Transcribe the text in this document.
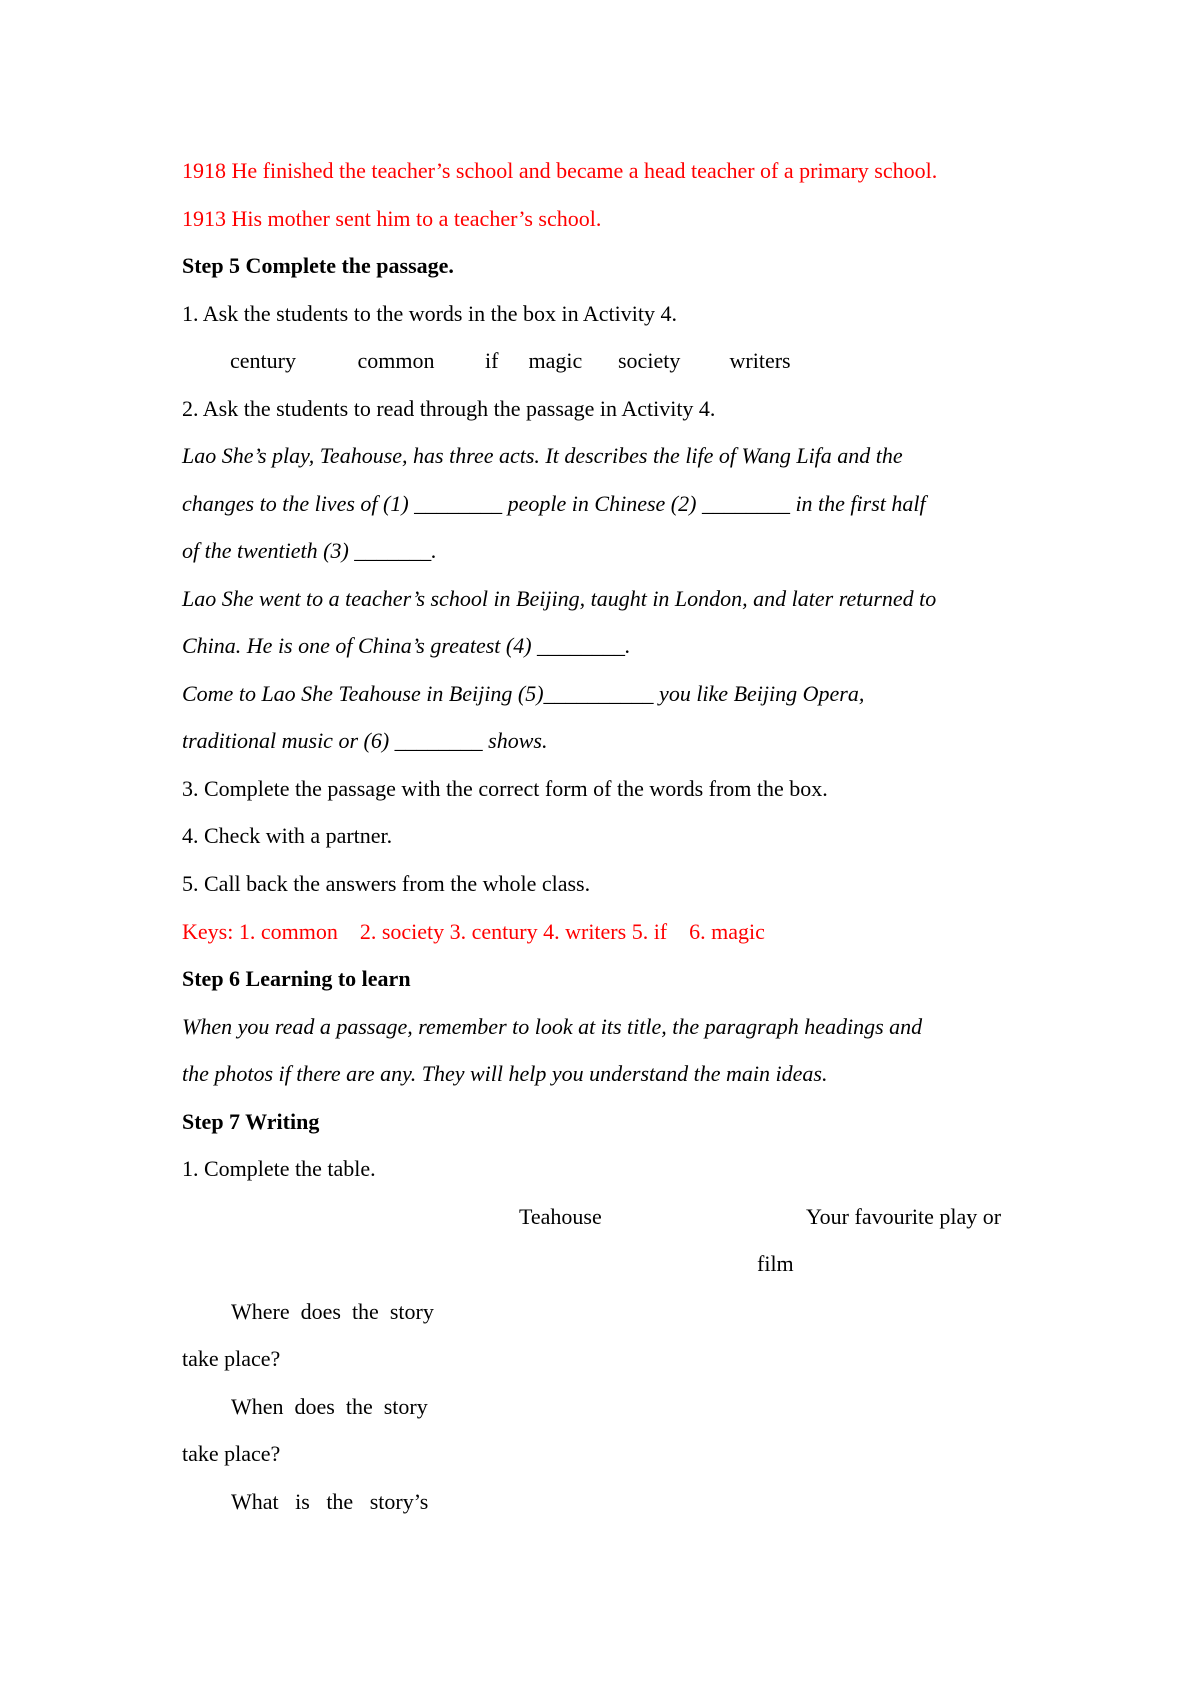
1918 He finished the teacher’s school and became a head teacher of a primary school.
1913 His mother sent him to a teacher’s school.
Step 5 Complete the passage.
1. Ask the students to the words in the box in Activity 4.
century	common if magic society writers
2. Ask the students to read through the passage in Activity 4.
Lao She’s play, Teahouse, has three acts. It describes the life of Wang Lifa and the
changes to the lives of (1) ________ people in Chinese (2) ________ in the first half
of the twentieth (3) _______.
Lao She went to a teacher’s school in Beijing, taught in London, and later returned to
China. He is one of China’s greatest (4) ________.
Come to Lao She Teahouse in Beijing (5)__________ you like Beijing Opera,
traditional music or (6) ________ shows.
3. Complete the passage with the correct form of the words from the box.
4. Check with a partner.
5. Call back the answers from the whole class.
Keys: 1. common    2. society 3. century 4. writers 5. if    6. magic
Step 6 Learning to learn
When you read a passage, remember to look at its title, the paragraph headings and
the photos if there are any. They will help you understand the main ideas.
Step 7 Writing
1. Complete the table.
Teahouse	Your favourite play or
film
Where  does  the  story
take place?
When  does  the  story
take place?
What   is   the   story’s
